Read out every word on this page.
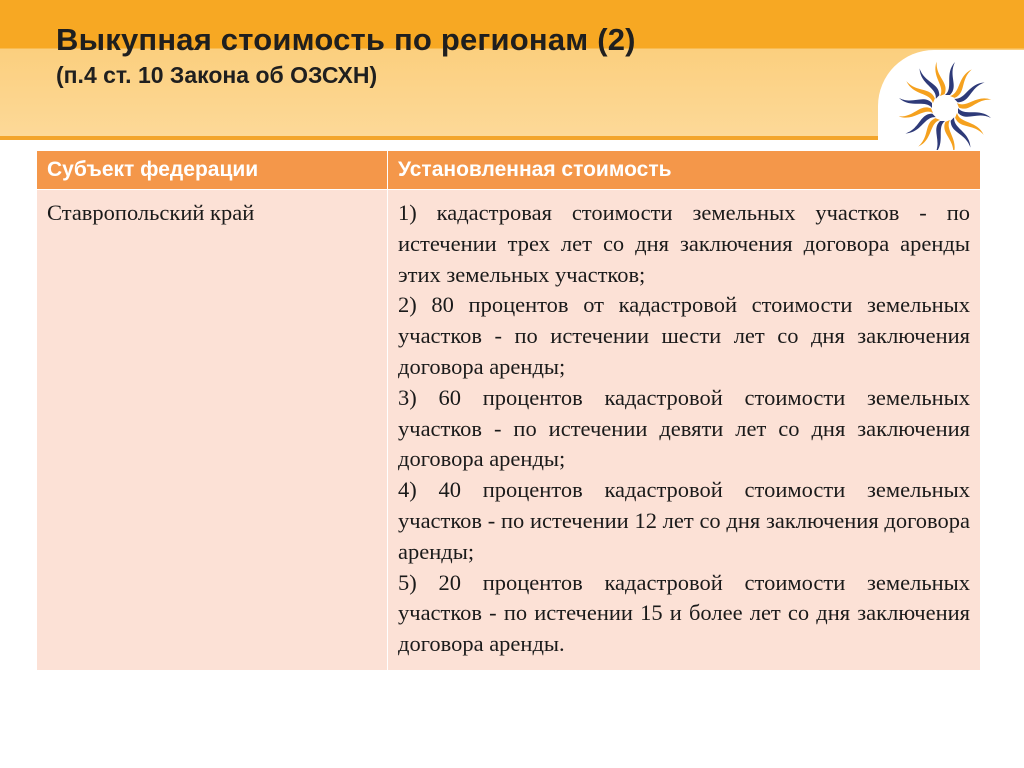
Выкупная стоимость по регионам (2)
(п.4 ст. 10 Закона об ОЗСХН)
Субъект федерации	Установленная стоимость
Ставропольский край	1) кадастровая стоимости земельных участков - по истечении трех лет со дня заключения договора аренды этих земельных участков;

2) 80 процентов от кадастровой стоимости земельных участков - по истечении шести лет со дня заключения договора аренды;

3) 60 процентов кадастровой стоимости земельных участков - по истечении девяти лет со дня заключения договора аренды;

4) 40 процентов кадастровой стоимости земельных участков - по истечении 12 лет со дня заключения договора аренды;

5) 20 процентов кадастровой стоимости земельных участков - по истечении 15 и более лет со дня заключения договора аренды.
